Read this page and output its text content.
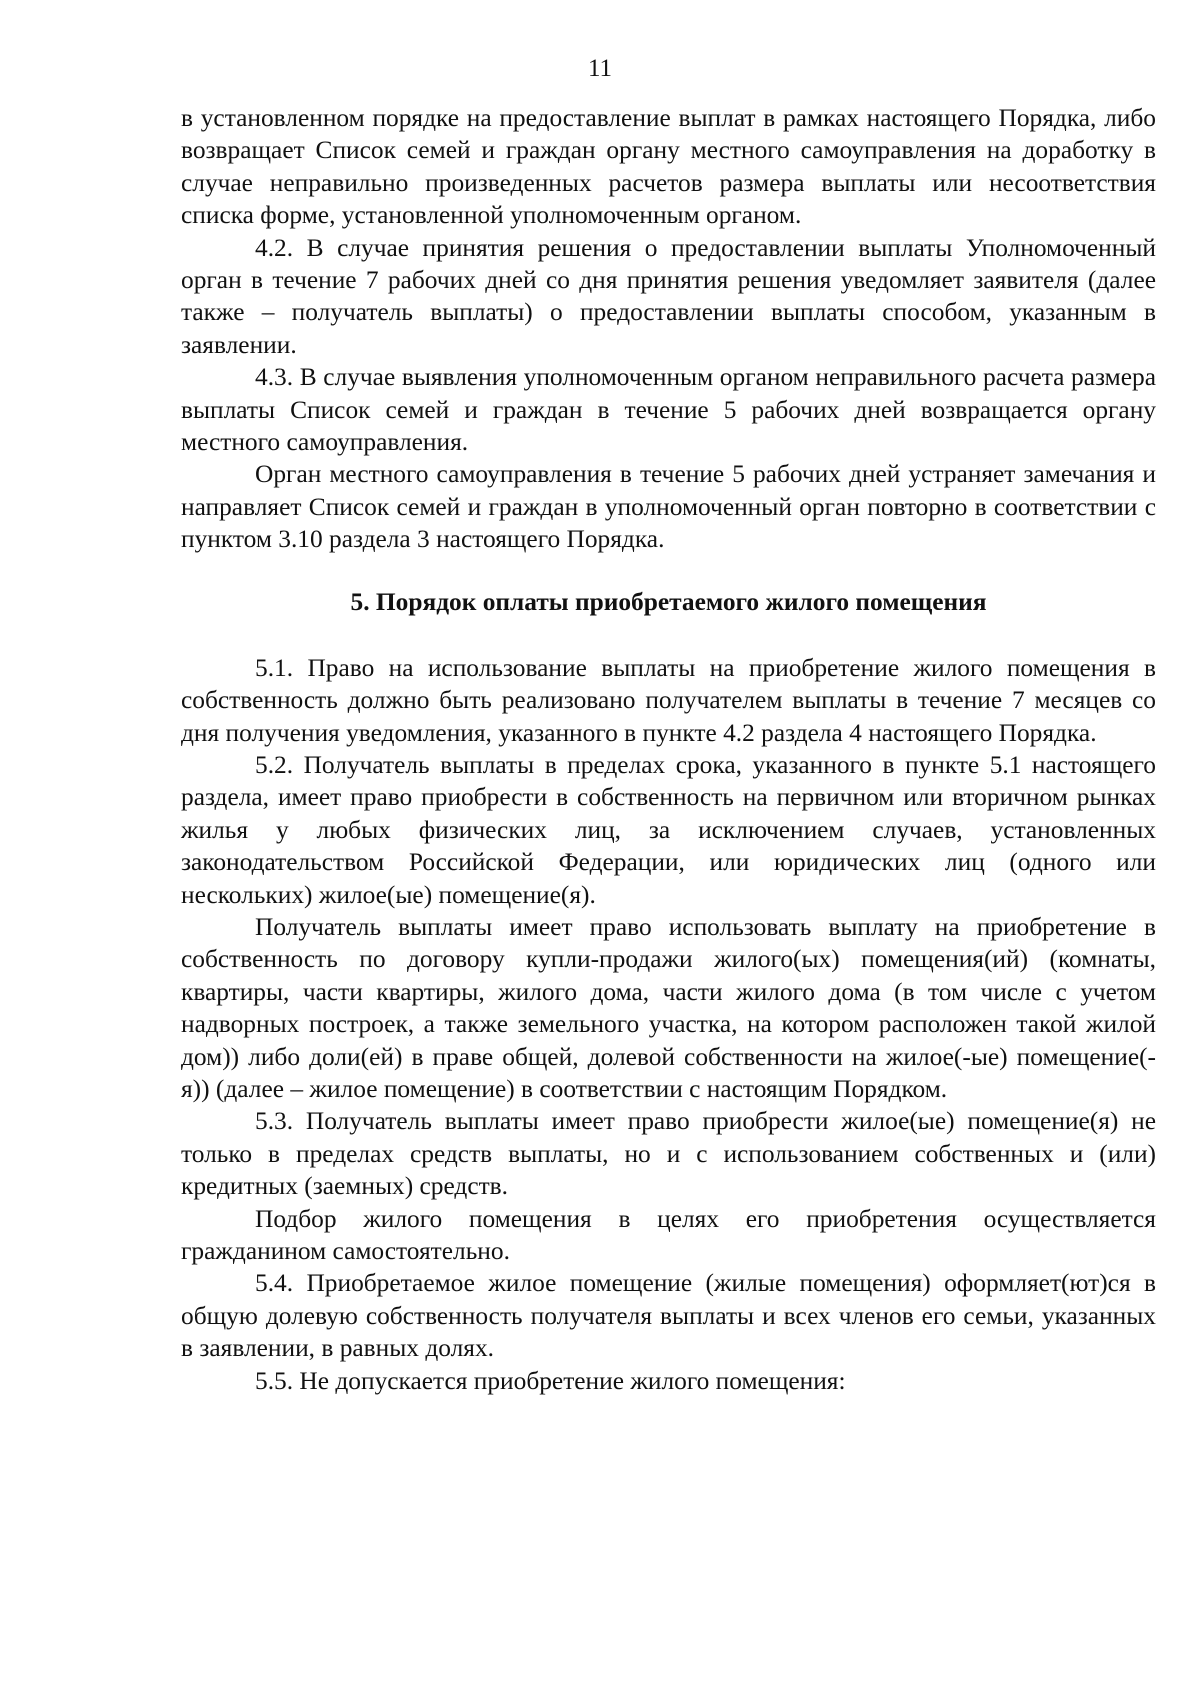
11

в установленном порядке на предоставление выплат в рамках настоящего Порядка, либо возвращает Список семей и граждан органу местного самоуправления на доработку в случае неправильно произведенных расчетов размера выплаты или несоответствия списка форме, установленной уполномоченным органом.

4.2. В случае принятия решения о предоставлении выплаты Уполномоченный орган в течение 7 рабочих дней со дня принятия решения уведомляет заявителя (далее также – получатель выплаты) о предоставлении выплаты способом, указанным в заявлении.

4.3. В случае выявления уполномоченным органом неправильного расчета размера выплаты Список семей и граждан в течение 5 рабочих дней возвращается органу местного самоуправления.

Орган местного самоуправления в течение 5 рабочих дней устраняет замечания и направляет Список семей и граждан в уполномоченный орган повторно в соответствии с пунктом 3.10 раздела 3 настоящего Порядка.

5. Порядок оплаты приобретаемого жилого помещения

5.1. Право на использование выплаты на приобретение жилого помещения в собственность должно быть реализовано получателем выплаты в течение 7 месяцев со дня получения уведомления, указанного в пункте 4.2 раздела 4 настоящего Порядка.

5.2. Получатель выплаты в пределах срока, указанного в пункте 5.1 настоящего раздела, имеет право приобрести в собственность на первичном или вторичном рынках жилья у любых физических лиц, за исключением случаев, установленных законодательством Российской Федерации, или юридических лиц (одного или нескольких) жилое(ые) помещение(я).

Получатель выплаты имеет право использовать выплату на приобретение в собственность по договору купли-продажи жилого(ых) помещения(ий) (комнаты, квартиры, части квартиры, жилого дома, части жилого дома (в том числе с учетом надворных построек, а также земельного участка, на котором расположен такой жилой дом)) либо доли(ей) в праве общей, долевой собственности на жилое(-ые) помещение(-я)) (далее – жилое помещение) в соответствии с настоящим Порядком.

5.3. Получатель выплаты имеет право приобрести жилое(ые) помещение(я) не только в пределах средств выплаты, но и с использованием собственных и (или) кредитных (заемных) средств.

Подбор жилого помещения в целях его приобретения осуществляется гражданином самостоятельно.

5.4. Приобретаемое жилое помещение (жилые помещения) оформляет(ют)ся в общую долевую собственность получателя выплаты и всех членов его семьи, указанных в заявлении, в равных долях.

5.5. Не допускается приобретение жилого помещения:
